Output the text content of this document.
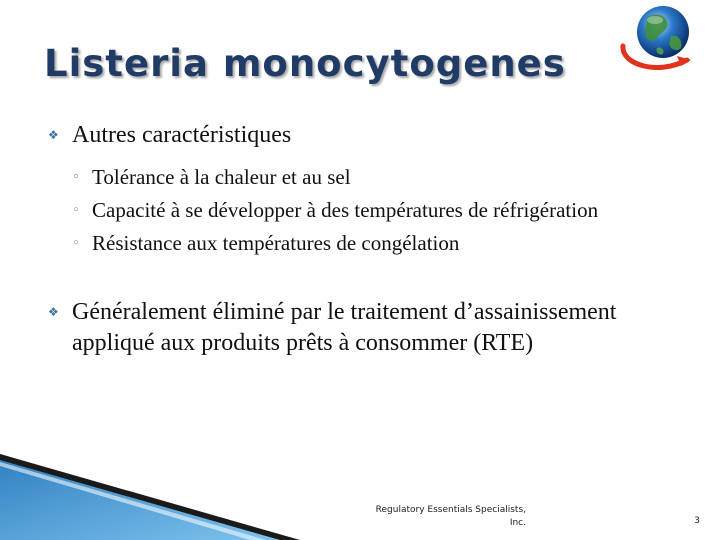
Listeria monocytogenes
❖ Autres caractéristiques
◦ Tolérance à la chaleur et au sel
◦ Capacité à se développer à des températures de réfrigération
◦ Résistance aux températures de congélation
❖ Généralement éliminé par le traitement d’assainissement appliqué aux produits prêts à consommer (RTE)
Regulatory Essentials Specialists,
Inc.	3
